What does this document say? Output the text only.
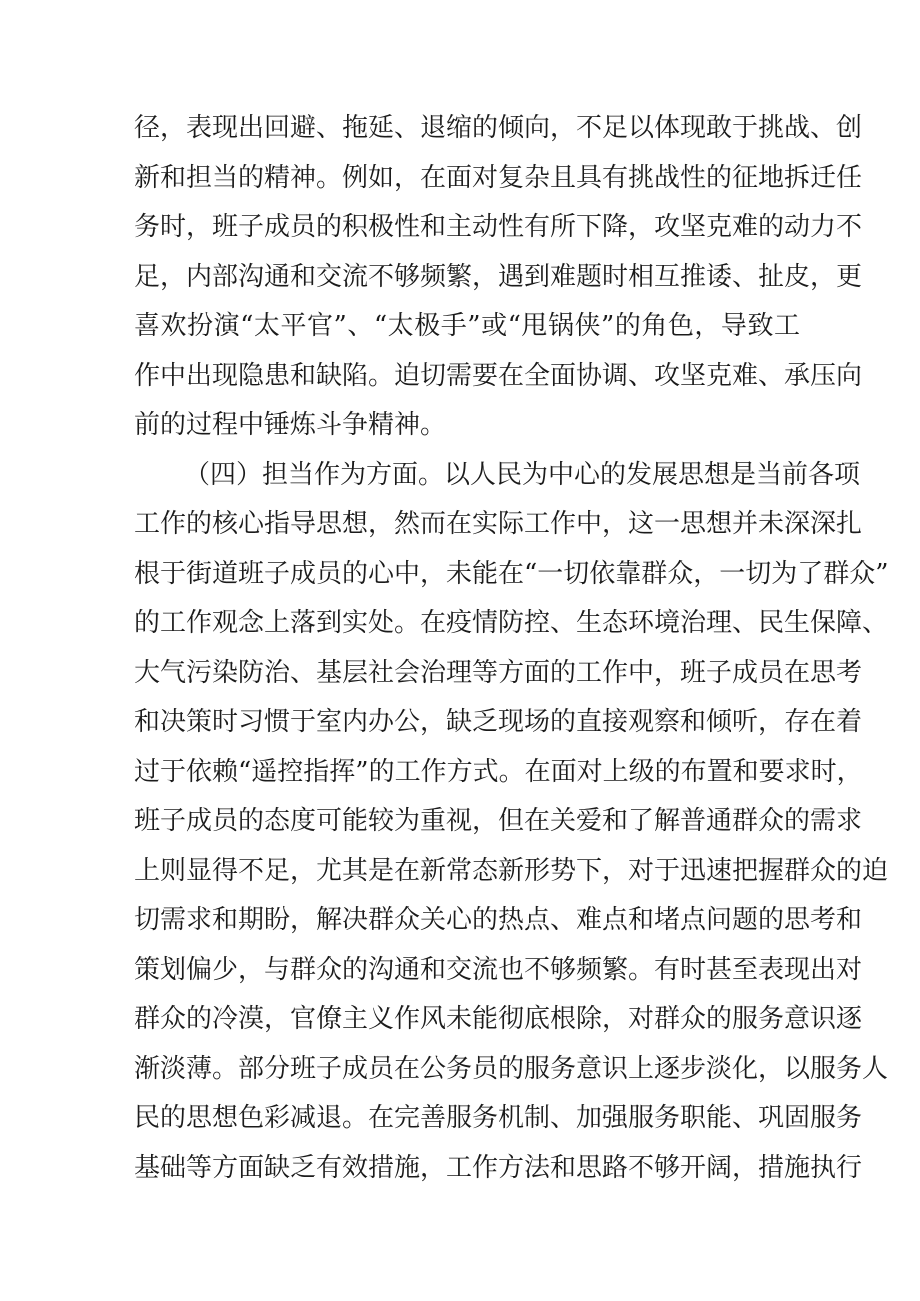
径，表现出回避、拖延、退缩的倾向，不足以体现敢于挑战、创
新和担当的精神。例如，在面对复杂且具有挑战性的征地拆迁任
务时，班子成员的积极性和主动性有所下降，攻坚克难的动力不
足，内部沟通和交流不够频繁，遇到难题时相互推诿、扯皮，更
喜欢扮演“太平官”、“太极手”或“甩锅侠”的角色，导致工
作中出现隐患和缺陷。迫切需要在全面协调、攻坚克难、承压向
前的过程中锤炼斗争精神。
（四）担当作为方面。以人民为中心的发展思想是当前各项
工作的核心指导思想，然而在实际工作中，这一思想并未深深扎
根于街道班子成员的心中，未能在“一切依靠群众，一切为了群众”
的工作观念上落到实处。在疫情防控、生态环境治理、民生保障、
大气污染防治、基层社会治理等方面的工作中，班子成员在思考
和决策时习惯于室内办公，缺乏现场的直接观察和倾听，存在着
过于依赖“遥控指挥”的工作方式。在面对上级的布置和要求时，
班子成员的态度可能较为重视，但在关爱和了解普通群众的需求
上则显得不足，尤其是在新常态新形势下，对于迅速把握群众的迫
切需求和期盼，解决群众关心的热点、难点和堵点问题的思考和
策划偏少，与群众的沟通和交流也不够频繁。有时甚至表现出对
群众的冷漠，官僚主义作风未能彻底根除，对群众的服务意识逐
渐淡薄。部分班子成员在公务员的服务意识上逐步淡化，以服务人
民的思想色彩减退。在完善服务机制、加强服务职能、巩固服务
基础等方面缺乏有效措施，工作方法和思路不够开阔，措施执行
